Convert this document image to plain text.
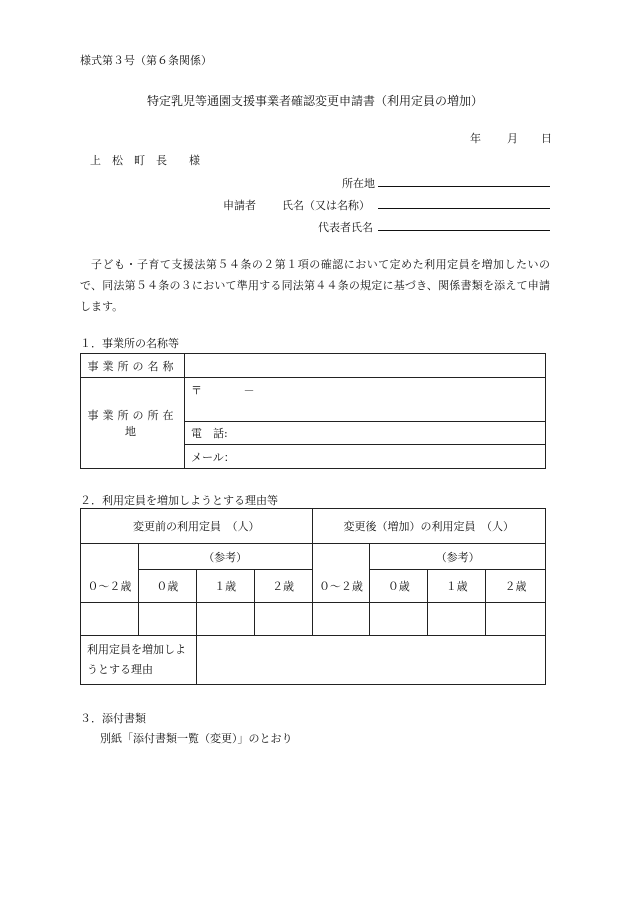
様式第３号（第６条関係）
特定乳児等通園支援事業者確認変更申請書（利用定員の増加）
年 月 日
上　松　町　長　　様
所在地
申請者 氏名（又は名称）
代表者氏名
子ども・子育て支援法第５４条の２第１項の確認において定めた利用定員を増加したいので、同法第５４条の３において準用する同法第４４条の規定に基づき、関係書類を添えて申請します。
１．事業所の名称等
事業所の名称	
事業所の所在地	〒 －
	電　話:
	メール：
２．利用定員を増加しようとする理由等
変更前の利用定員　（人）				変更後（増加）の利用定員　（人）			
	（参考）				（参考）		
０～２歳	０歳	１歳	２歳	０～２歳	０歳	１歳	２歳

利用定員を増加しようとする理由							
３．添付書類
別紙「添付書類一覧（変更）」のとおり
